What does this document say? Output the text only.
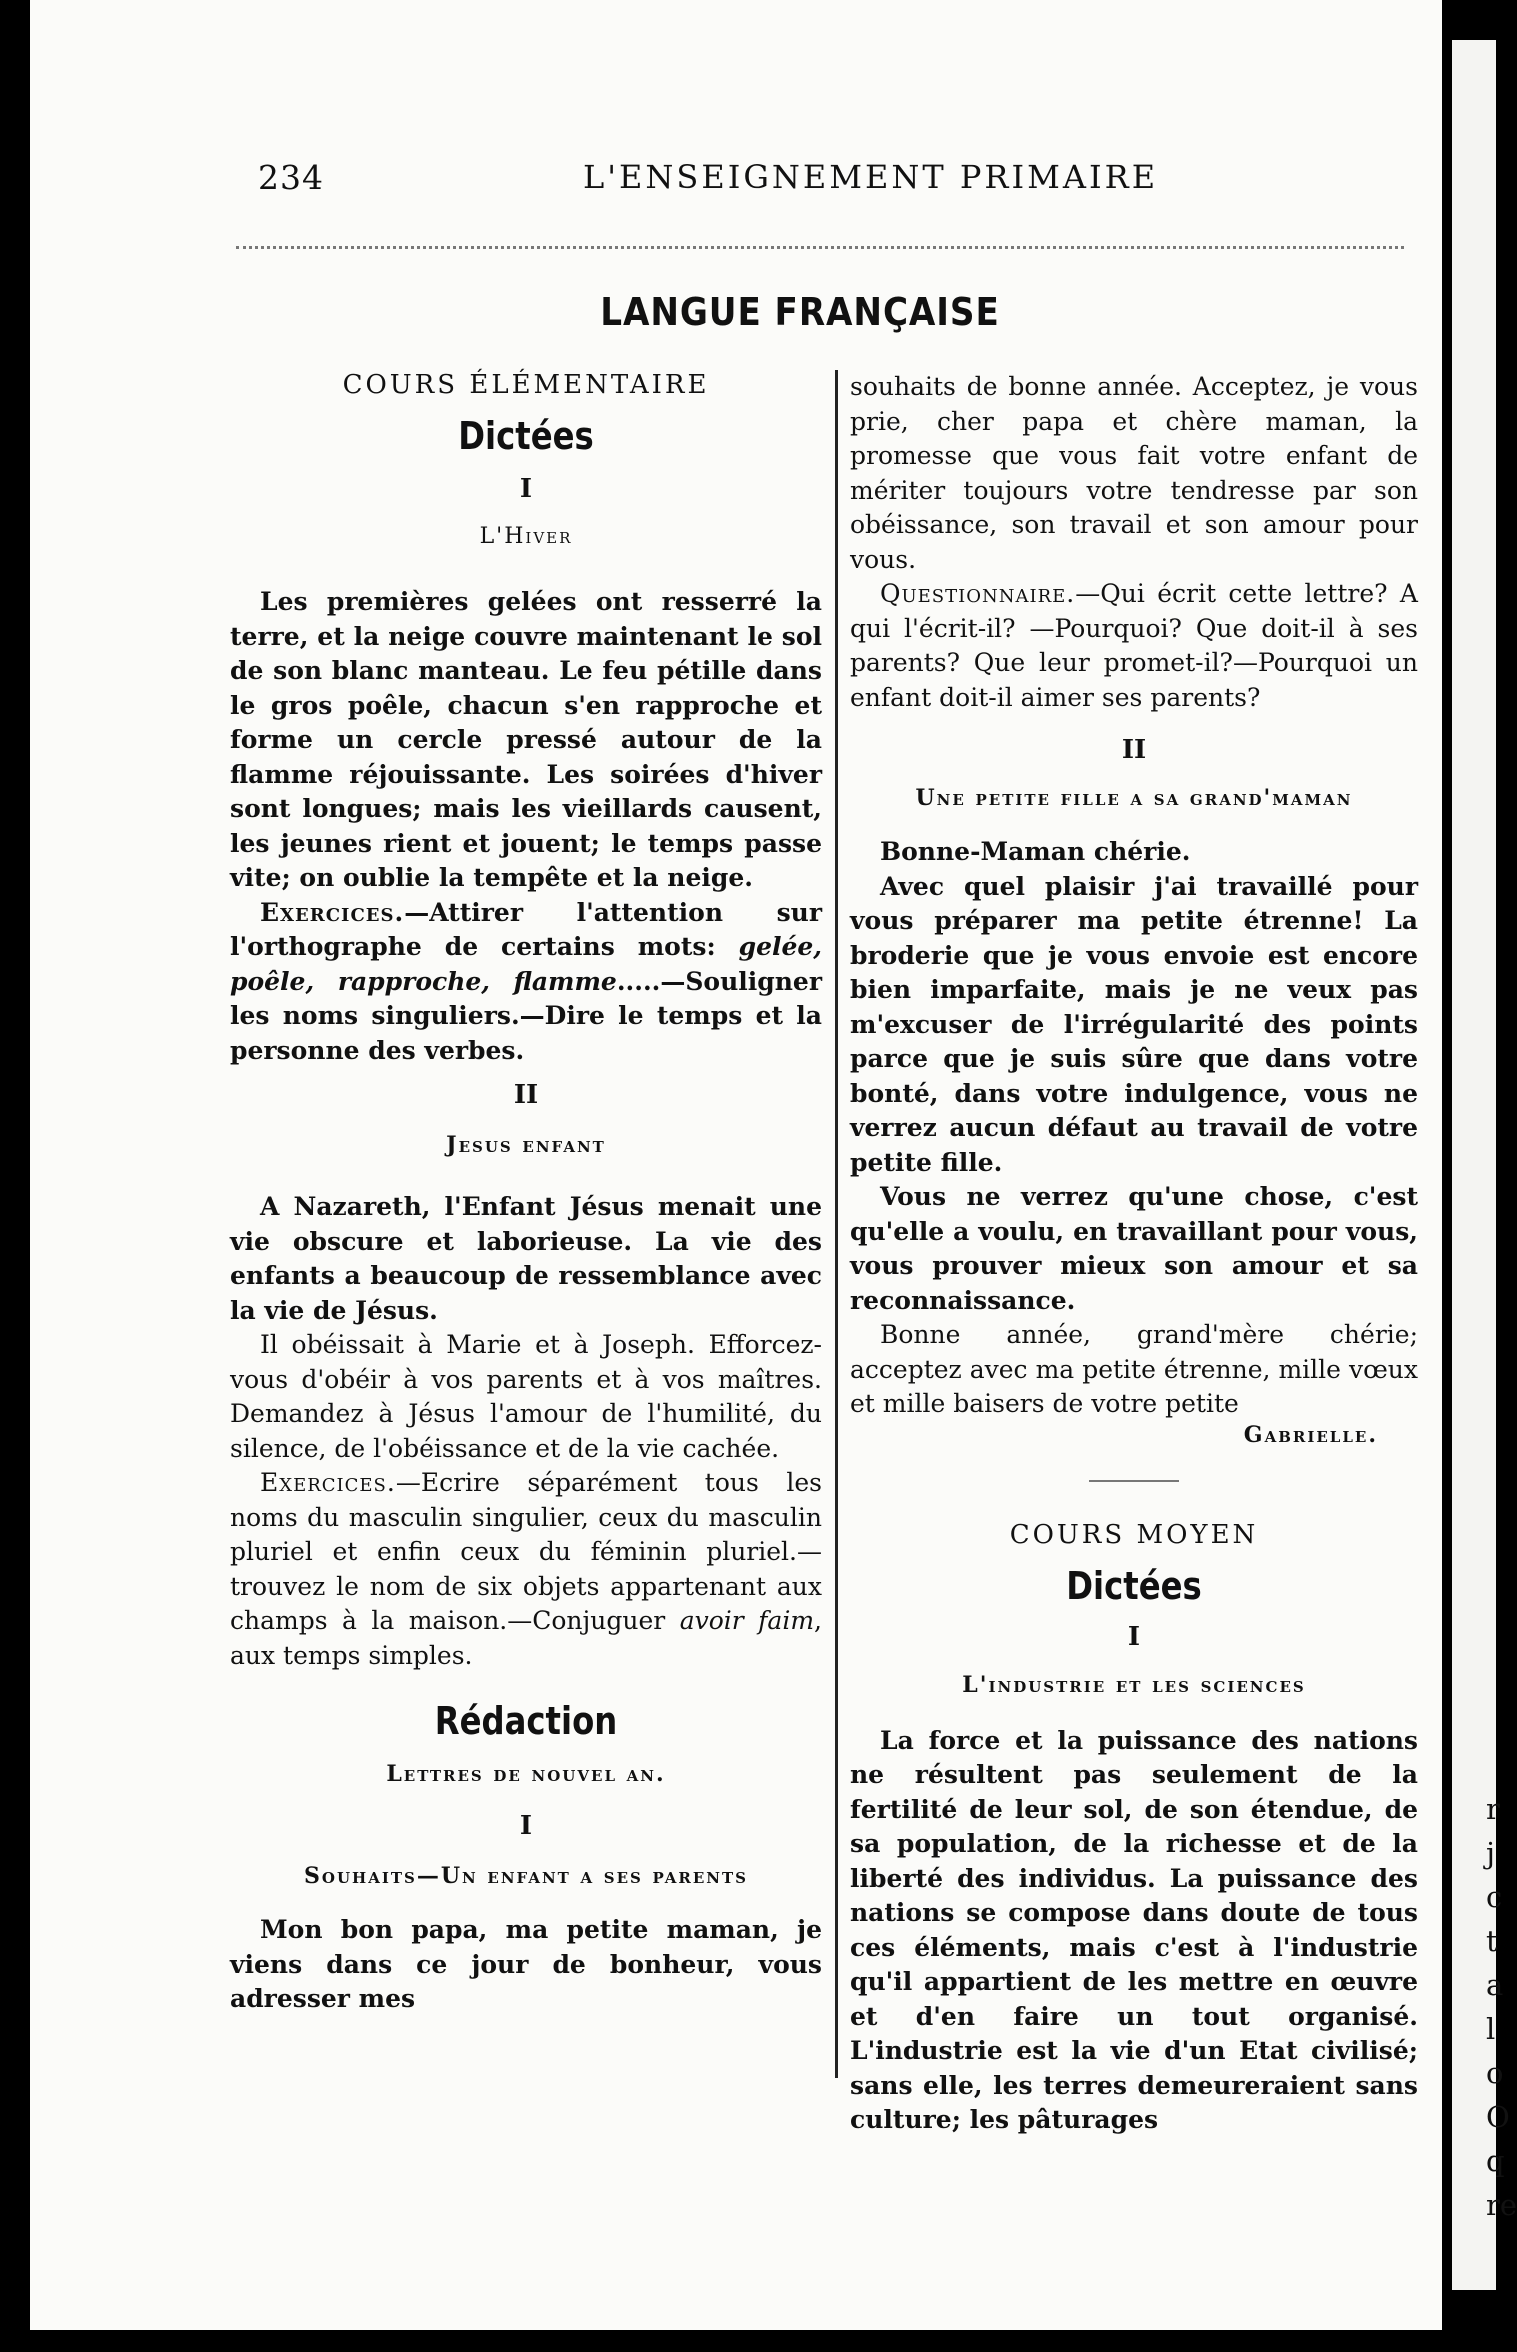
234	L'ENSEIGNEMENT PRIMAIRE
LANGUE FRANÇAISE

COURS ÉLÉMENTAIRE

Dictées

I

L'Hiver

Les premières gelées ont resserré la terre, et la neige couvre maintenant le sol de son blanc manteau. Le feu pétille dans le gros poêle, chacun s'en rapproche et forme un cercle pressé autour de la flamme réjouissante. Les soirées d'hiver sont longues; mais les vieillards causent, les jeunes rient et jouent; le temps passe vite; on oublie la tempête et la neige.

Exercices.—Attirer l'attention sur l'orthographe de certains mots: gelée, poêle, rapproche, flamme.....—Souligner les noms singuliers.—Dire le temps et la personne des verbes.

II

Jesus enfant

A Nazareth, l'Enfant Jésus menait une vie obscure et laborieuse. La vie des enfants a beaucoup de ressemblance avec la vie de Jésus.

Il obéissait à Marie et à Joseph. Efforcez-vous d'obéir à vos parents et à vos maîtres. Demandez à Jésus l'amour de l'humilité, du silence, de l'obéissance et de la vie cachée.

Exercices.—Ecrire séparément tous les noms du masculin singulier, ceux du masculin pluriel et enfin ceux du féminin pluriel.—trouvez le nom de six objets appartenant aux champs à la maison.—Conjuguer avoir faim, aux temps simples.

Rédaction

Lettres de nouvel an.

I

Souhaits—Un enfant a ses parents

Mon bon papa, ma petite maman, je viens dans ce jour de bonheur, vous adresser mes

souhaits de bonne année. Acceptez, je vous prie, cher papa et chère maman, la promesse que vous fait votre enfant de mériter toujours votre tendresse par son obéissance, son travail et son amour pour vous.

Questionnaire.—Qui écrit cette lettre? A qui l'écrit-il? —Pourquoi? Que doit-il à ses parents? Que leur promet-il?—Pourquoi un enfant doit-il aimer ses parents?

II

Une petite fille a sa grand'maman

Bonne-Maman chérie.

Avec quel plaisir j'ai travaillé pour vous préparer ma petite étrenne! La broderie que je vous envoie est encore bien imparfaite, mais je ne veux pas m'excuser de l'irrégularité des points parce que je suis sûre que dans votre bonté, dans votre indulgence, vous ne verrez aucun défaut au travail de votre petite fille.

Vous ne verrez qu'une chose, c'est qu'elle a voulu, en travaillant pour vous, vous prouver mieux son amour et sa reconnaissance.

Bonne année, grand'mère chérie; acceptez avec ma petite étrenne, mille vœux et mille baisers de votre petite

Gabrielle.

COURS MOYEN

Dictées

I

L'industrie et les sciences

La force et la puissance des nations ne résultent pas seulement de la fertilité de leur sol, de son étendue, de sa population, de la richesse et de la liberté des individus. La puissance des nations se compose dans doute de tous ces éléments, mais c'est à l'industrie qu'il appartient de les mettre en œuvre et d'en faire un tout organisé. L'industrie est la vie d'un Etat civilisé; sans elle, les terres demeureraient sans culture; les pâturages

r
j
c
t
a
l
o
O
q
re
